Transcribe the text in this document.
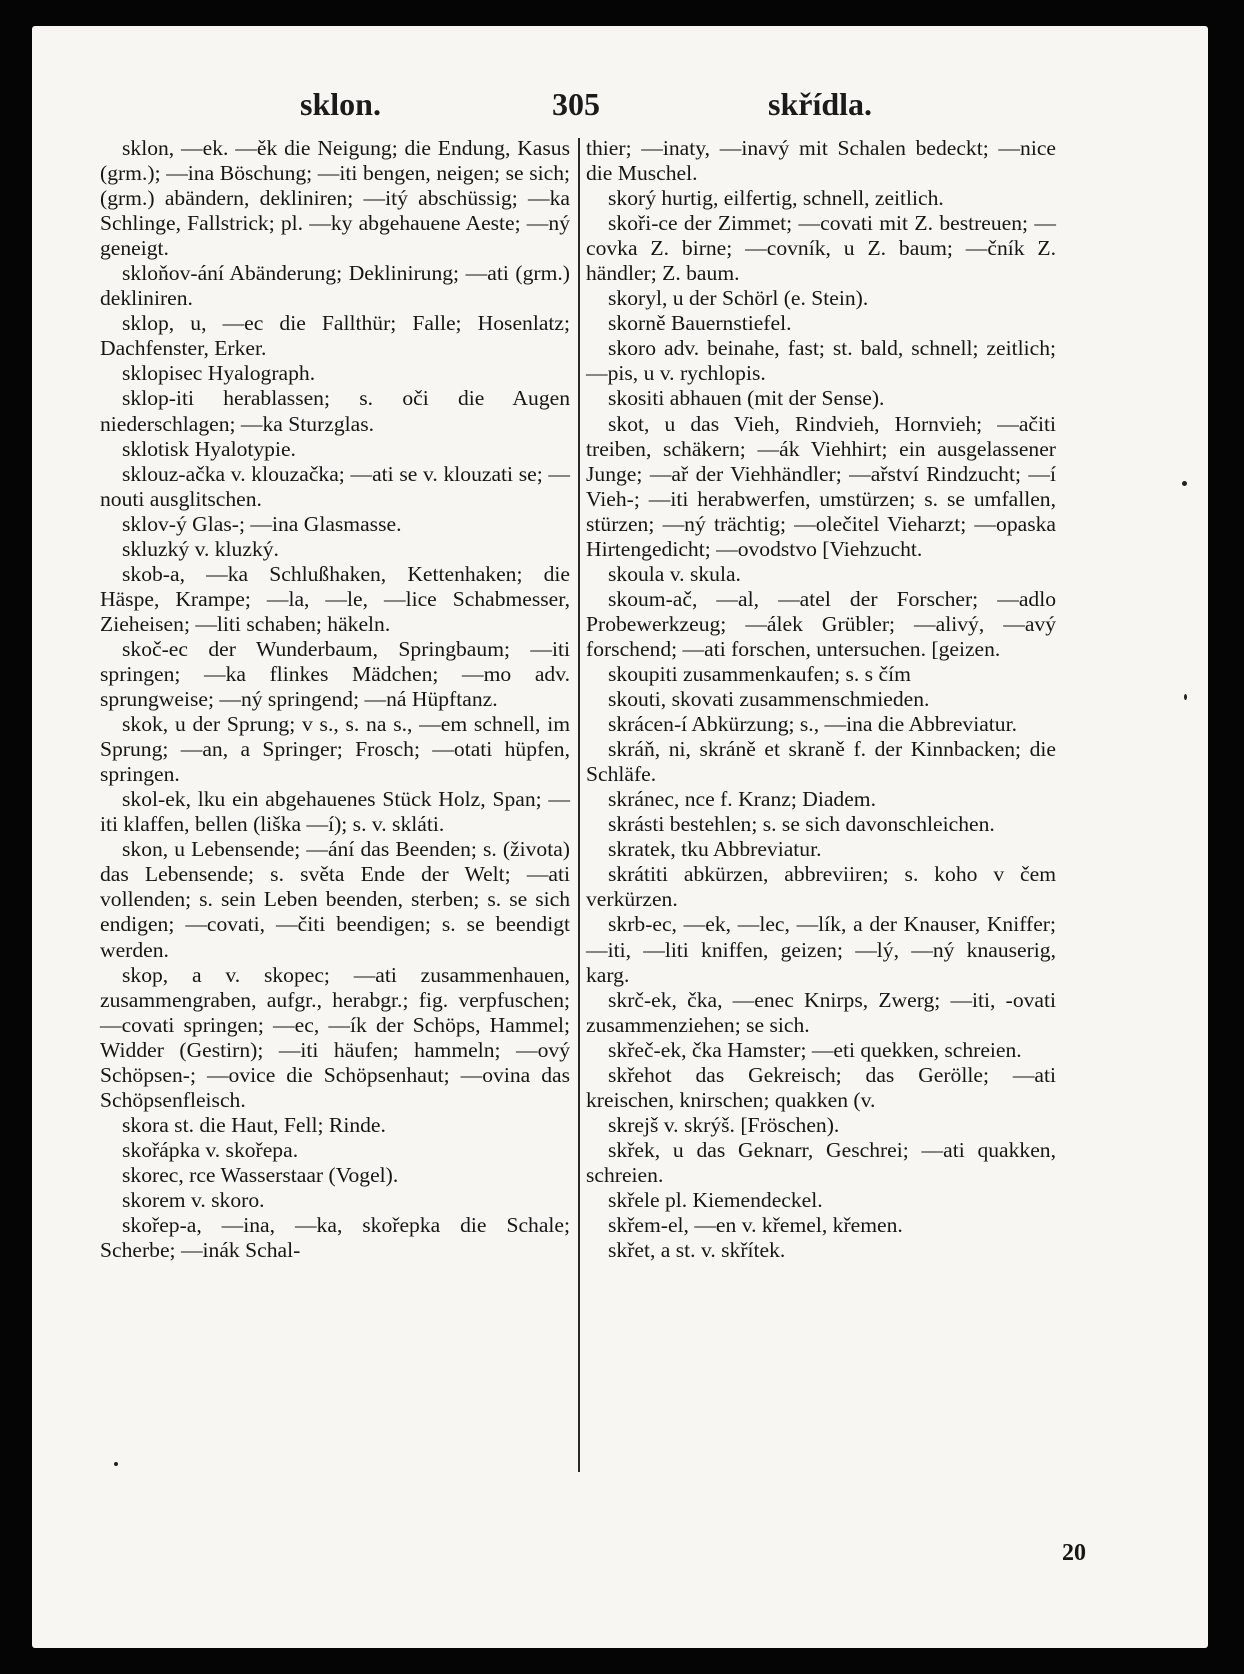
sklon.	305	skřídla.

sklon, —ek. —ěk die Neigung; die Endung, Kasus (grm.); —ina Böschung; —iti bengen, neigen; se sich; (grm.) abändern, dekliniren; —itý abschüssig; —ka Schlinge, Fallstrick; pl. —ky abgehauene Aeste; —ný geneigt.

skloňov-ání Abänderung; Deklinirung; —ati (grm.) dekliniren.

sklop, u, —ec die Fallthür; Falle; Hosenlatz; Dachfenster, Erker.

sklopisec Hyalograph.

sklop-iti herablassen; s. oči die Augen niederschlagen; —ka Sturzglas.

sklotisk Hyalotypie.

sklouz-ačka v. klouzačka; —ati se v. klouzati se; —nouti ausglitschen.

sklov-ý Glas-; —ina Glasmasse.

skluzký v. kluzký.

skob-a, —ka Schlußhaken, Kettenhaken; die Häspe, Krampe; —la, —le, —lice Schabmesser, Zieheisen; —liti schaben; häkeln.

skoč-ec der Wunderbaum, Springbaum; —iti springen; —ka flinkes Mädchen; —mo adv. sprungweise; —ný springend; —ná Hüpftanz.

skok, u der Sprung; v s., s. na s., —em schnell, im Sprung; —an, a Springer; Frosch; —otati hüpfen, springen.

skol-ek, lku ein abgehauenes Stück Holz, Span; —iti klaffen, bellen (liška —í); s. v. skláti.

skon, u Lebensende; —ání das Beenden; s. (života) das Lebensende; s. světa Ende der Welt; —ati vollenden; s. sein Leben beenden, sterben; s. se sich endigen; —covati, —čiti beendigen; s. se beendigt werden.

skop, a v. skopec; —ati zusammenhauen, zusammengraben, aufgr., herabgr.; fig. verpfuschen; —covati springen; —ec, —ík der Schöps, Hammel; Widder (Gestirn); —iti häufen; hammeln; —ový Schöpsen-; —ovice die Schöpsenhaut; —ovina das Schöpsenfleisch.

skora st. die Haut, Fell; Rinde.

skořápka v. skořepa.

skorec, rce Wasserstaar (Vogel).

skorem v. skoro.

skořep-a, —ina, —ka, skořepka die Schale; Scherbe; —inák Schal-

thier; —inaty, —inavý mit Schalen bedeckt; —nice die Muschel.

skorý hurtig, eilfertig, schnell, zeitlich.

skoři-ce der Zimmet; —covati mit Z. bestreuen; —covka Z. birne; —covník, u Z. baum; —čník Z. händler; Z. baum.

skoryl, u der Schörl (e. Stein).

skorně Bauernstiefel.

skoro adv. beinahe, fast; st. bald, schnell; zeitlich; —pis, u v. rychlopis.

skositi abhauen (mit der Sense).

skot, u das Vieh, Rindvieh, Hornvieh; —ačiti treiben, schäkern; —ák Viehhirt; ein ausgelassener Junge; —ař der Viehhändler; —ařství Rindzucht; —í Vieh-; —iti herabwerfen, umstürzen; s. se umfallen, stürzen; —ný trächtig; —olečitel Vieharzt; —opaska Hirtengedicht; —ovodstvo [Viehzucht.

skoula v. skula.

skoum-ač, —al, —atel der Forscher; —adlo Probewerkzeug; —álek Grübler; —alivý, —avý forschend; —ati forschen, untersuchen. [geizen.

skoupiti zusammenkaufen; s. s čím

skouti, skovati zusammenschmieden.

skrácen-í Abkürzung; s., —ina die Abbreviatur.

skráň, ni, skráně et skraně f. der Kinnbacken; die Schläfe.

skránec, nce f. Kranz; Diadem.

skrásti bestehlen; s. se sich davonschleichen.

skratek, tku Abbreviatur.

skrátiti abkürzen, abbreviiren; s. koho v čem verkürzen.

skrb-ec, —ek, —lec, —lík, a der Knauser, Kniffer; —iti, —liti kniffen, geizen; —lý, —ný knauserig, karg.

skrč-ek, čka, —enec Knirps, Zwerg; —iti, -ovati zusammenziehen; se sich.

skřeč-ek, čka Hamster; —eti quekken, schreien.

skřehot das Gekreisch; das Gerölle; —ati kreischen, knirschen; quakken (v.

skrejš v. skrýš. [Fröschen).

skřek, u das Geknarr, Geschrei; —ati quakken, schreien.

skřele pl. Kiemendeckel.

skřem-el, —en v. křemel, křemen.

skřet, a st. v. skřítek.

20
